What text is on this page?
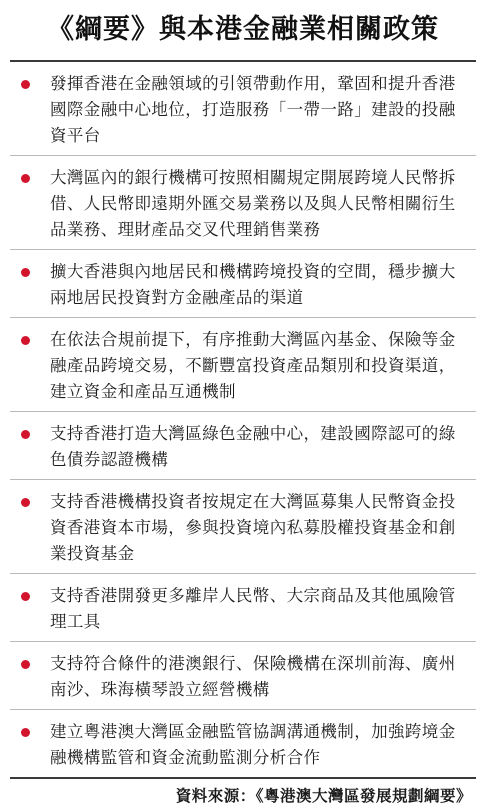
《綱要》與本港金融業相關政策
發揮香港在金融領域的引領帶動作用，鞏固和提升香港國際金融中心地位，打造服務「一帶一路」建設的投融資平台
大灣區內的銀行機構可按照相關規定開展跨境人民幣拆借、人民幣即遠期外匯交易業務以及與人民幣相關衍生品業務、理財產品交叉代理銷售業務
擴大香港與內地居民和機構跨境投資的空間，穩步擴大兩地居民投資對方金融產品的渠道
在依法合規前提下，有序推動大灣區內基金、保險等金融產品跨境交易，不斷豐富投資產品類別和投資渠道，建立資金和產品互通機制
支持香港打造大灣區綠色金融中心，建設國際認可的綠色債券認證機構
支持香港機構投資者按規定在大灣區募集人民幣資金投資香港資本市場，參與投資境內私募股權投資基金和創業投資基金
支持香港開發更多離岸人民幣、大宗商品及其他風險管理工具
支持符合條件的港澳銀行、保險機構在深圳前海、廣州南沙、珠海橫琴設立經營機構
建立粵港澳大灣區金融監管協調溝通機制，加強跨境金融機構監管和資金流動監測分析合作
資料來源：《粵港澳大灣區發展規劃綱要》
